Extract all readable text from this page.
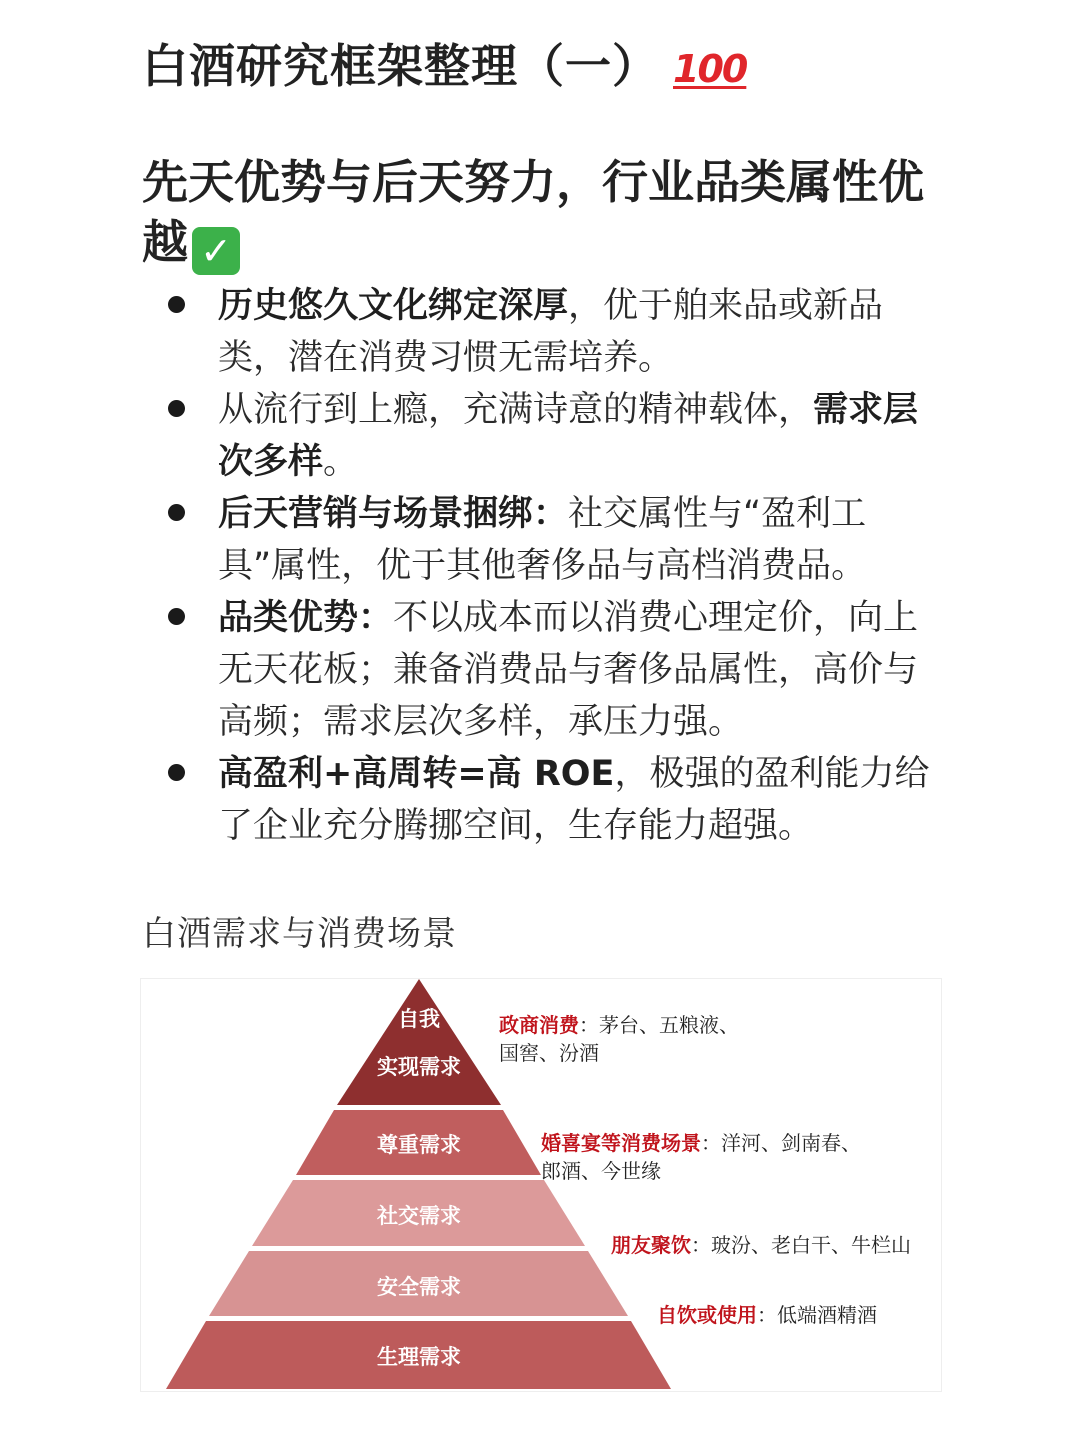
白酒研究框架整理（一） 100
先天优势与后天努力，行业品类属性优越 ✓
历史悠久文化绑定深厚，优于舶来品或新品类，潜在消费习惯无需培养。
从流行到上瘾，充满诗意的精神载体，需求层次多样。
后天营销与场景捆绑：社交属性与“盈利工具”属性，优于其他奢侈品与高档消费品。
品类优势：不以成本而以消费心理定价，向上无天花板；兼备消费品与奢侈品属性，高价与高频；需求层次多样，承压力强。
高盈利+高周转=高 ROE，极强的盈利能力给了企业充分腾挪空间，生存能力超强。
白酒需求与消费场景
自我
实现需求
尊重需求
社交需求
安全需求
生理需求
政商消费：茅台、五粮液、
国窖、汾酒
婚喜宴等消费场景：洋河、剑南春、
郎酒、今世缘
朋友聚饮：玻汾、老白干、牛栏山
自饮或使用：低端酒精酒
